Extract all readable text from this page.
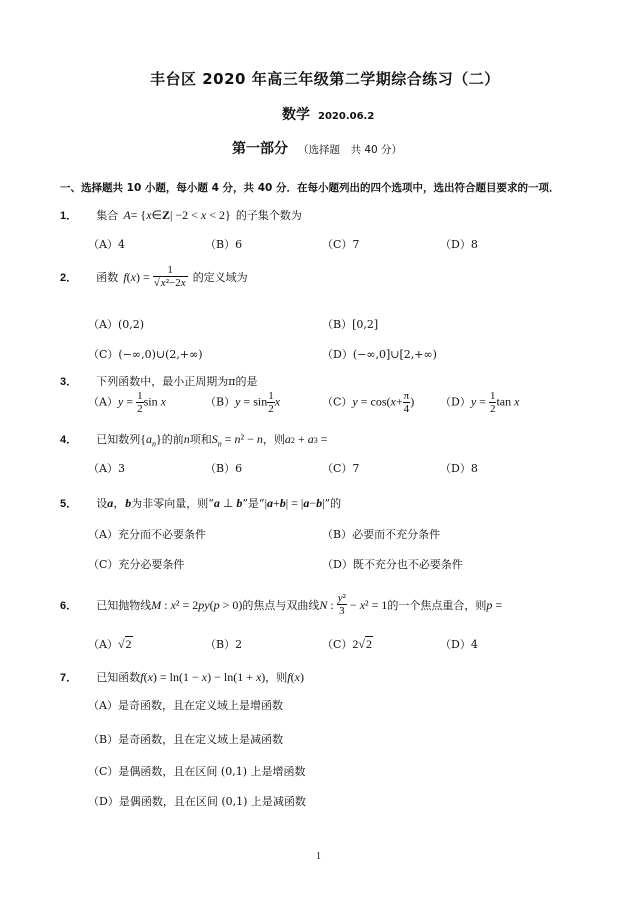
丰台区 2020 年高三年级第二学期综合练习（二）
数学 2020.06.2
第一部分 （选择题　共 40 分）
一、选择题共 10 小题，每小题 4 分，共 40 分．在每小题列出的四个选项中，选出符合题目要求的一项．
1． 集合 A= {x∈Z| −2 < x < 2} 的子集个数为
（A）4	（B）6	（C）7	（D）8
2． 函数 $f(x) = \frac{1}{\text{√x²−2x}}$ 的定义域为
（A）(0,2)	（B）[0,2]
（C）(−∞,0)∪(2,+∞)	（D）(−∞,0]∪[2,+∞)
3． 下列函数中，最小正周期为π的是
$(A)y = \frac{1}{2}$ sin x	$(B)y = \sin \frac{1}{2}$ x	$(C)y = \cos(x+ \frac{\pi}{4}$ ) $(D)y = \frac{1}{2}$ tan x
4． 已知数列$\{a_n\}$的前n项和$S_n = n^2 - n$，则a2 + a3 =
（A）3	（B）6	（C）7	（D）8
5． 设a，b为非零向量，则“a ⊥ b”是“|a+b| = |a−b|”的
（A）充分而不必要条件	（B）必要而不充分条件
（C）充分必要条件	（D）既不充分也不必要条件
6． 已知抛物线M : x² = 2py(p > 0)的焦点与双曲线N : $\frac{\text{y²}}{3} - x^2 = 1$的一个焦点重合，则p =
（A）√2	（B）2	（C）2√2	（D）4
7． 已知函数f(x) = ln(1 − x) − ln(1 + x)，则f(x)
（A）是奇函数，且在定义域上是增函数
（B）是奇函数，且在定义域上是减函数
（C）是偶函数，且在区间 (0,1) 上是增函数
（D）是偶函数，且在区间 (0,1) 上是减函数
1
